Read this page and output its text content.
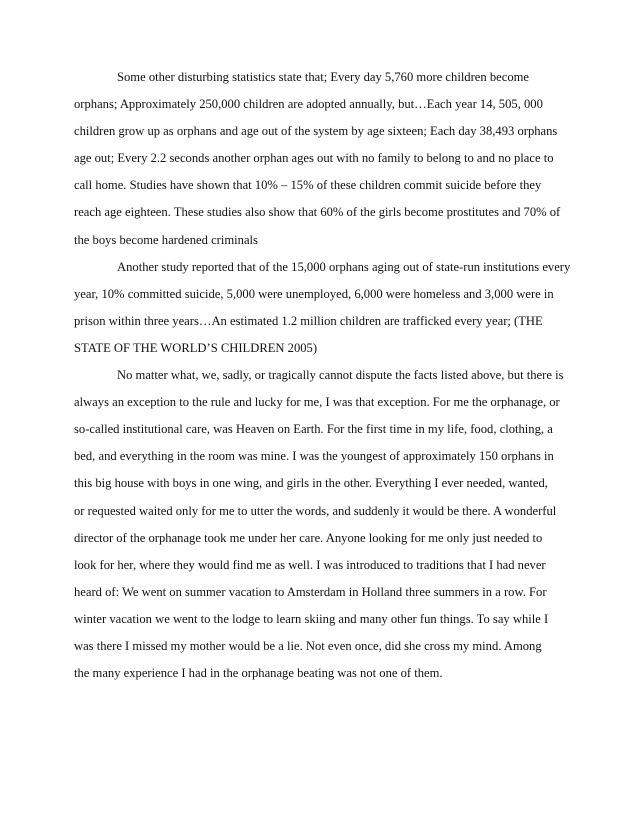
Some other disturbing statistics state that; Every day 5,760 more children become
orphans; Approximately 250,000 children are adopted annually, but…Each year 14, 505, 000
children grow up as orphans and age out of the system by age sixteen; Each day 38,493 orphans
age out; Every 2.2 seconds another orphan ages out with no family to belong to and no place to
call home. Studies have shown that 10% – 15% of these children commit suicide before they
reach age eighteen. These studies also show that 60% of the girls become prostitutes and 70% of
the boys become hardened criminals
Another study reported that of the 15,000 orphans aging out of state-run institutions every
year, 10% committed suicide, 5,000 were unemployed, 6,000 were homeless and 3,000 were in
prison within three years…An estimated 1.2 million children are trafficked every year; (THE
STATE OF THE WORLD’S CHILDREN 2005)
No matter what, we, sadly, or tragically cannot dispute the facts listed above, but there is
always an exception to the rule and lucky for me, I was that exception. For me the orphanage, or
so-called institutional care, was Heaven on Earth. For the first time in my life, food, clothing, a
bed, and everything in the room was mine. I was the youngest of approximately 150 orphans in
this big house with boys in one wing, and girls in the other. Everything I ever needed, wanted,
or requested waited only for me to utter the words, and suddenly it would be there. A wonderful
director of the orphanage took me under her care. Anyone looking for me only just needed to
look for her, where they would find me as well. I was introduced to traditions that I had never
heard of: We went on summer vacation to Amsterdam in Holland three summers in a row. For
winter vacation we went to the lodge to learn skiing and many other fun things. To say while I
was there I missed my mother would be a lie. Not even once, did she cross my mind. Among
the many experience I had in the orphanage beating was not one of them.
